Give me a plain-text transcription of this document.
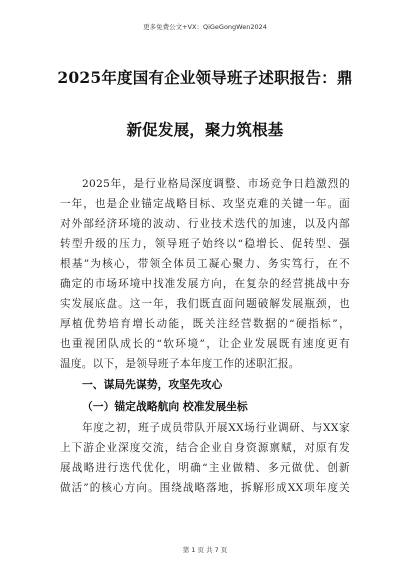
更多免费公文+VX：QiGeGongWen2024
2025年度国有企业领导班子述职报告：鼎
新促发展，聚力筑根基
2025年，是行业格局深度调整、市场竞争日趋激烈的
一年，也是企业锚定战略目标、攻坚克难的关键一年。面
对外部经济环境的波动、行业技术迭代的加速，以及内部
转型升级的压力，领导班子始终以“稳增长、促转型、强
根基”为核心，带领全体员工凝心聚力、务实笃行，在不
确定的市场环境中找准发展方向，在复杂的经营挑战中夯
实发展底盘。这一年，我们既直面问题破解发展瓶颈，也
厚植优势培育增长动能，既关注经营数据的“硬指标”，
也重视团队成长的“软环境”，让企业发展既有速度更有
温度。以下，是领导班子本年度工作的述职汇报。
一、谋局先谋势，攻坚先攻心
（一）锚定战略航向 校准发展坐标
年度之初，班子成员带队开展XX场行业调研、与XX家
上下游企业深度交流，结合企业自身资源禀赋，对原有发
展战略进行迭代优化，明确“主业做精、多元做优、创新
做活”的核心方向。围绕战略落地，拆解形成XX项年度关
第 1 页 共 7 页
